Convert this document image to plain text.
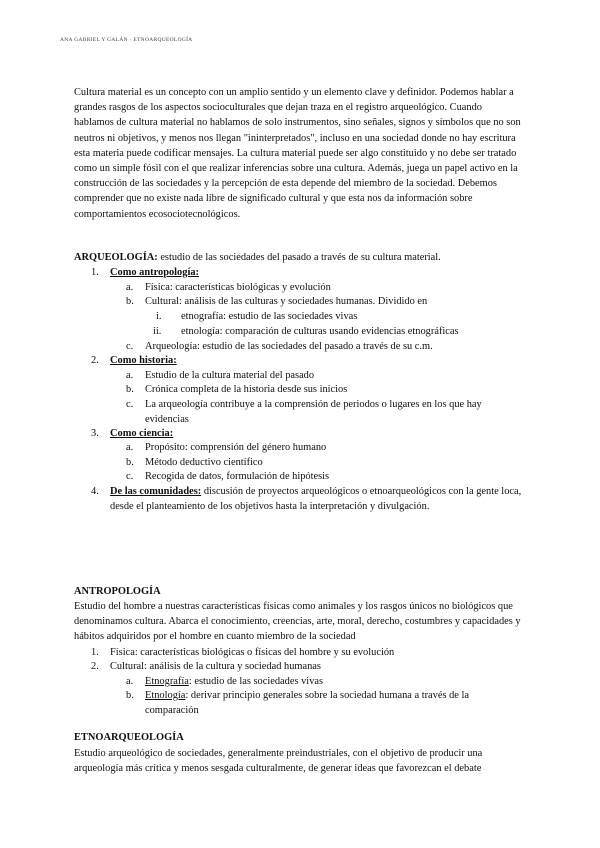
ANA GABRIEL Y GALÁN · ETNOARQUEOLOGÍA

Cultura material es un concepto con un amplio sentido y un elemento clave y definidor. Podemos hablar a grandes rasgos de los aspectos socioculturales que dejan traza en el registro arqueológico. Cuando hablamos de cultura material no hablamos de solo instrumentos, sino señales, signos y símbolos que no son neutros ni objetivos, y menos nos llegan "ininterpretados", incluso en una sociedad donde no hay escritura esta materia puede codificar mensajes. La cultura material puede ser algo constituido y no debe ser tratado como un simple fósil con el que realizar inferencias sobre una cultura. Además, juega un papel activo en la construcción de las sociedades y la percepción de esta depende del miembro de la sociedad. Debemos comprender que no existe nada libre de significado cultural y que esta nos da información sobre comportamientos ecosociotecnológicos.

ARQUEOLOGÍA: estudio de las sociedades del pasado a través de su cultura material.
1. Como antropología:
a. Física: características biológicas y evolución
b. Cultural: análisis de las culturas y sociedades humanas. Dividido en
i. etnografía: estudio de las sociedades vivas
ii. etnología: comparación de culturas usando evidencias etnográficas
c. Arqueología: estudio de las sociedades del pasado a través de su c.m.
2. Como historia:
a. Estudio de la cultura material del pasado
b. Crónica completa de la historia desde sus inicios
c. La arqueología contribuye a la comprensión de periodos o lugares en los que hay evidencias
3. Como ciencia:
a. Propósito: comprensión del género humano
b. Método deductivo científico
c. Recogida de datos, formulación de hipótesis
4. De las comunidades: discusión de proyectos arqueológicos o etnoarqueológicos con la gente loca, desde el planteamiento de los objetivos hasta la interpretación y divulgación.
ANTROPOLOGÍA
Estudio del hombre a nuestras características físicas como animales y los rasgos únicos no biológicos que denominamos cultura. Abarca el conocimiento, creencias, arte, moral, derecho, costumbres y capacidades y hábitos adquiridos por el hombre en cuanto miembro de la sociedad
1. Física: características biológicas o físicas del hombre y su evolución
2. Cultural: análisis de la cultura y sociedad humanas
a. Etnografía: estudio de las sociedades vivas
b. Etnología: derivar principio generales sobre la sociedad humana a través de la comparación
ETNOARQUEOLOGÍA
Estudio arqueológico de sociedades, generalmente preindustriales, con el objetivo de producir una arqueología más crítica y menos sesgada culturalmente, de generar ideas que favorezcan el debate
